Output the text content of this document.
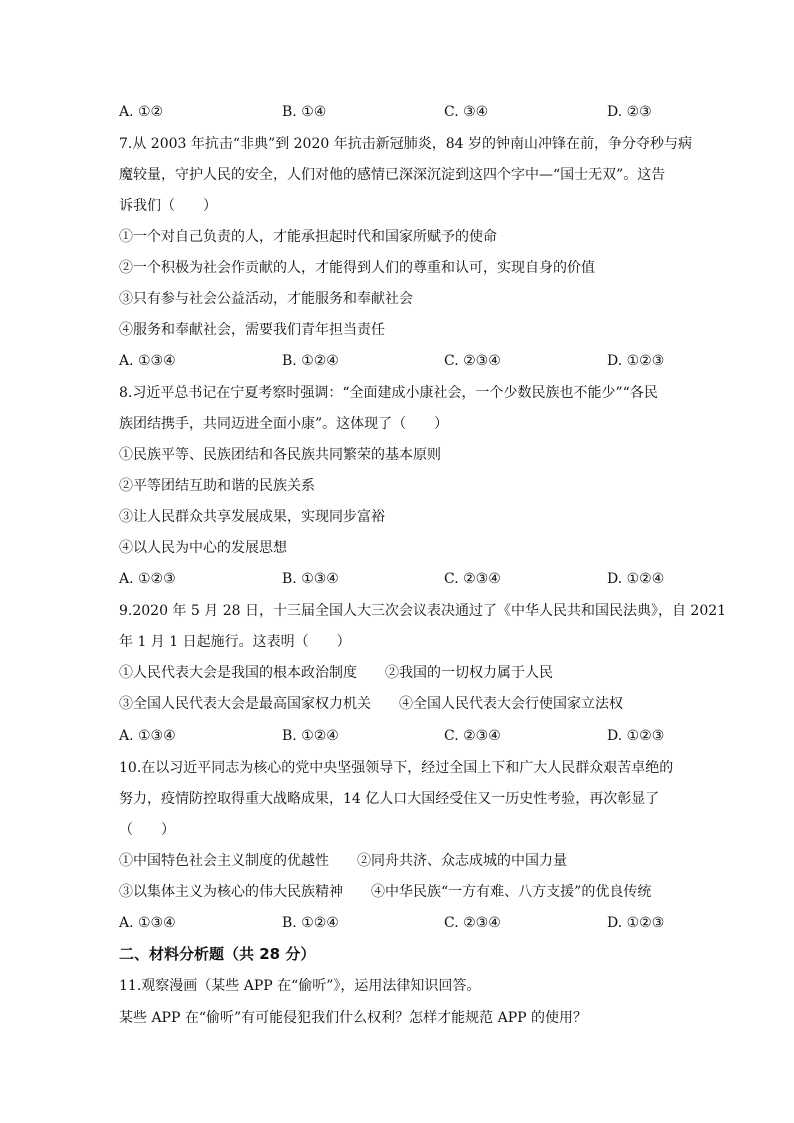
A. ①②	B. ①④	C. ③④	D. ②③
7.从 2003 年抗击“非典”到 2020 年抗击新冠肺炎，84 岁的钟南山冲锋在前，争分夺秒与病
魔较量，守护人民的安全，人们对他的感情已深深沉淀到这四个字中—“国士无双”。这告
诉我们（　　）
①一个对自己负责的人，才能承担起时代和国家所赋予的使命
②一个积极为社会作贡献的人，才能得到人们的尊重和认可，实现自身的价值
③只有参与社会公益活动，才能服务和奉献社会
④服务和奉献社会，需要我们青年担当责任
A. ①③④	B. ①②④	C. ②③④	D. ①②③
8.习近平总书记在宁夏考察时强调：“全面建成小康社会，一个少数民族也不能少”“各民
族团结携手，共同迈进全面小康”。这体现了（　　）
①民族平等、民族团结和各民族共同繁荣的基本原则
②平等团结互助和谐的民族关系
③让人民群众共享发展成果，实现同步富裕
④以人民为中心的发展思想
A. ①②③	B. ①③④	C. ②③④	D. ①②④
9.2020 年 5 月 28 日，十三届全国人大三次会议表决通过了《中华人民共和国民法典》，自 2021
年 1 月 1 日起施行。这表明（　　）
①人民代表大会是我国的根本政治制度 ②我国的一切权力属于人民
③全国人民代表大会是最高国家权力机关 ④全国人民代表大会行使国家立法权
A. ①③④	B. ①②④	C. ②③④	D. ①②③
10.在以习近平同志为核心的党中央坚强领导下，经过全国上下和广大人民群众艰苦卓绝的
努力，疫情防控取得重大战略成果，14 亿人口大国经受住又一历史性考验，再次彰显了
（　　）
①中国特色社会主义制度的优越性 ②同舟共济、众志成城的中国力量
③以集体主义为核心的伟大民族精神 ④中华民族“一方有难、八方支援”的优良传统
A. ①③④	B. ①②④	C. ②③④	D. ①②③
二、材料分析题（共 28 分）
11.观察漫画（某些 APP 在“偷听”》，运用法律知识回答。
某些 APP 在“偷听”有可能侵犯我们什么权利？怎样才能规范 APP 的使用？
